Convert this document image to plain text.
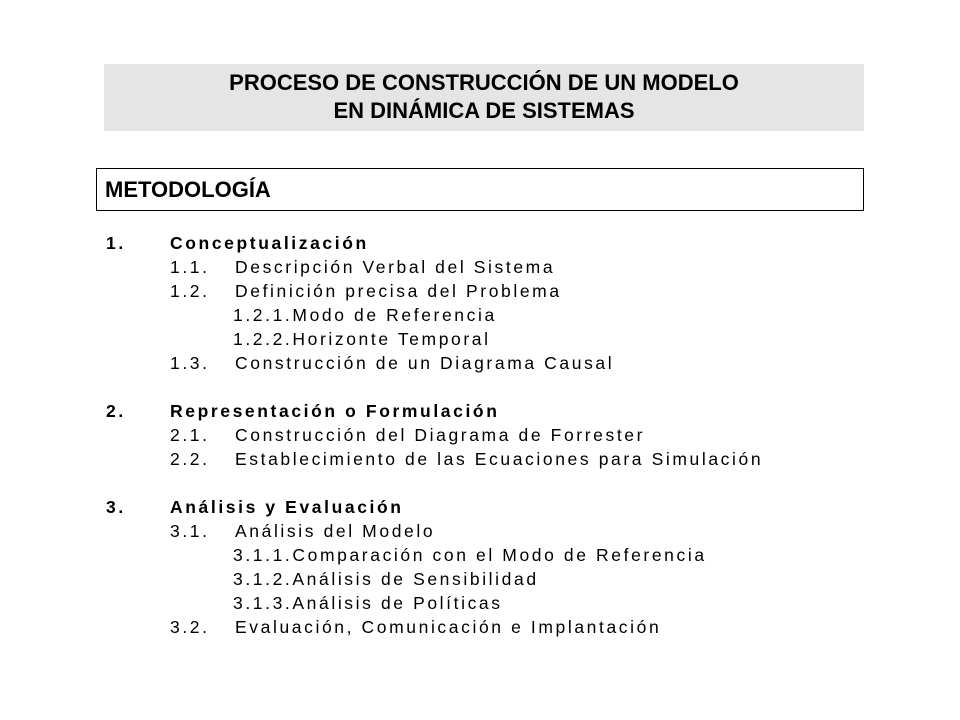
PROCESO DE CONSTRUCCIÓN DE UN MODELO
EN DINÁMICA DE SISTEMAS
METODOLOGÍA
1.	Conceptualización
1.1. Descripción Verbal del Sistema
1.2. Definición precisa del Problema
1.2.1. Modo de Referencia
1.2.2. Horizonte Temporal
1.3. Construcción de un Diagrama Causal
2.	Representación o Formulación
2.1. Construcción del Diagrama de Forrester
2.2. Establecimiento de las Ecuaciones para Simulación
3.	Análisis y Evaluación
3.1. Análisis del Modelo
3.1.1. Comparación con el Modo de Referencia
3.1.2. Análisis de Sensibilidad
3.1.3. Análisis de Políticas
3.2. Evaluación, Comunicación e Implantación
